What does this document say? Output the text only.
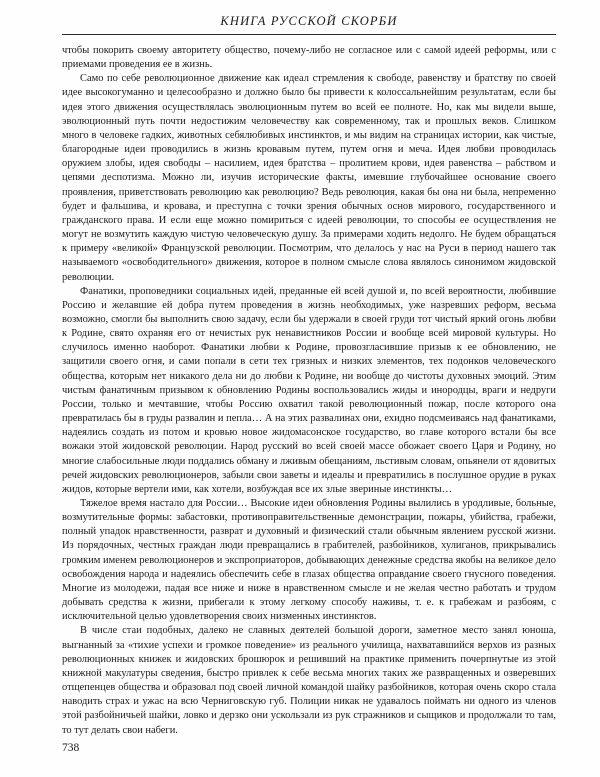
КНИГА РУССКОЙ СКОРБИ

чтобы покорить своему авторитету общество, почему-либо не согласное или с самой идеей реформы, или с приемами проведения ее в жизнь.

Само по себе революционное движение как идеал стремления к свободе, равенству и братству по своей идее высокогуманно и целесообразно и должно было бы привести к колоссальнейшим результатам, если бы идея этого движения осуществлялась эволюционным путем во всей ее полноте. Но, как мы видели выше, эволюционный путь почти недостижим человечеству как современному, так и прошлых веков. Слишком много в человеке гадких, животных себялюбивых инстинктов, и мы видим на страницах истории, как чистые, благородные идеи проводились в жизнь кровавым путем, путем огня и меча. Идея любви проводилась оружием злобы, идея свободы – насилием, идея братства – пролитием крови, идея равенства – рабством и цепями деспотизма. Можно ли, изучив исторические факты, имевшие глубочайшее основание своего проявления, приветствовать революцию как революцию? Ведь революция, какая бы она ни была, непременно будет и фальшива, и кровава, и преступна с точки зрения обычных основ мирового, государственного и гражданского права. И если еще можно помириться с идеей революции, то способы ее осуществления не могут не возмутить каждую чистую человеческую душу. За примерами ходить недолго. Не будем обращаться к примеру «великой» Французской революции. Посмотрим, что делалось у нас на Руси в период нашего так называемого «освободительного» движения, которое в полном смысле слова являлось синонимом жидовской революции.

Фанатики, проповедники социальных идей, преданные ей всей душой и, по всей вероятности, любившие Россию и желавшие ей добра путем проведения в жизнь необходимых, уже назревших реформ, весьма возможно, смогли бы выполнить свою задачу, если бы удержали в своей груди тот чистый яркий огонь любви к Родине, свято охраняя его от нечистых рук ненавистников России и вообще всей мировой культуры. Но случилось именно наоборот. Фанатики любви к Родине, провозгласившие призыв к ее обновлению, не защитили своего огня, и сами попали в сети тех грязных и низких элементов, тех подонков человеческого общества, которым нет никакого дела ни до любви к Родине, ни вообще до чистоты духовных эмоций. Этим чистым фанатичным призывом к обновлению Родины воспользовались жиды и инородцы, враги и недруги России, только и мечтавшие, чтобы Россию охватил такой революционный пожар, после которого она превратилась бы в груды развалин и пепла… А на этих развалинах они, ехидно подсмеиваясь над фанатиками, надеялись создать из потом и кровью новое жидомасонское государство, во главе которого встали бы все вожаки этой жидовской революции. Народ русский во всей своей массе обожает своего Царя и Родину, но многие слабосильные люди поддались обману и лживым обещаниям, льстивым словам, опьянели от ядовитых речей жидовских революционеров, забыли свои заветы и идеалы и превратились в послушное орудие в руках жидов, которые вертели ими, как хотели, возбуждая все их злые звериные инстинкты…

Тяжелое время настало для России… Высокие идеи обновления Родины вылились в уродливые, больные, возмутительные формы: забастовки, противоправительственные демонстрации, пожары, убийства, грабежи, полный упадок нравственности, разврат и духовный и физический стали обычным явлением русской жизни. Из порядочных, честных граждан люди превращались в грабителей, разбойников, хулиганов, прикрывались громким именем революционеров и экспроприаторов, добывающих денежные средства якобы на великое дело освобождения народа и надеялись обеспечить себе в глазах общества оправдание своего гнусного поведения. Многие из молодежи, падая все ниже и ниже в нравственном смысле и не желая честно работать и трудом добывать средства к жизни, прибегали к этому легкому способу наживы, т. е. к грабежам и разбоям, с исключительной целью удовлетворения своих низменных инстинктов.

В числе стаи подобных, далеко не славных деятелей большой дороги, заметное место занял юноша, выгнанный за «тихие успехи и громкое поведение» из реального училища, нахватавшийся верхов из разных революционных книжек и жидовских брошюрок и решивший на практике применить почерпнутые из этой книжной макулатуры сведения, быстро привлек к себе весьма многих таких же развращенных и озверевших отщепенцев общества и образовал под своей личной командой шайку разбойников, которая очень скоро стала наводить страх и ужас на всю Черниговскую губ. Полиции никак не удавалось поймать ни одного из членов этой разбойничьей шайки, ловко и дерзко они ускользали из рук стражников и сыщиков и продолжали то там, то тут делать свои набеги.

738
